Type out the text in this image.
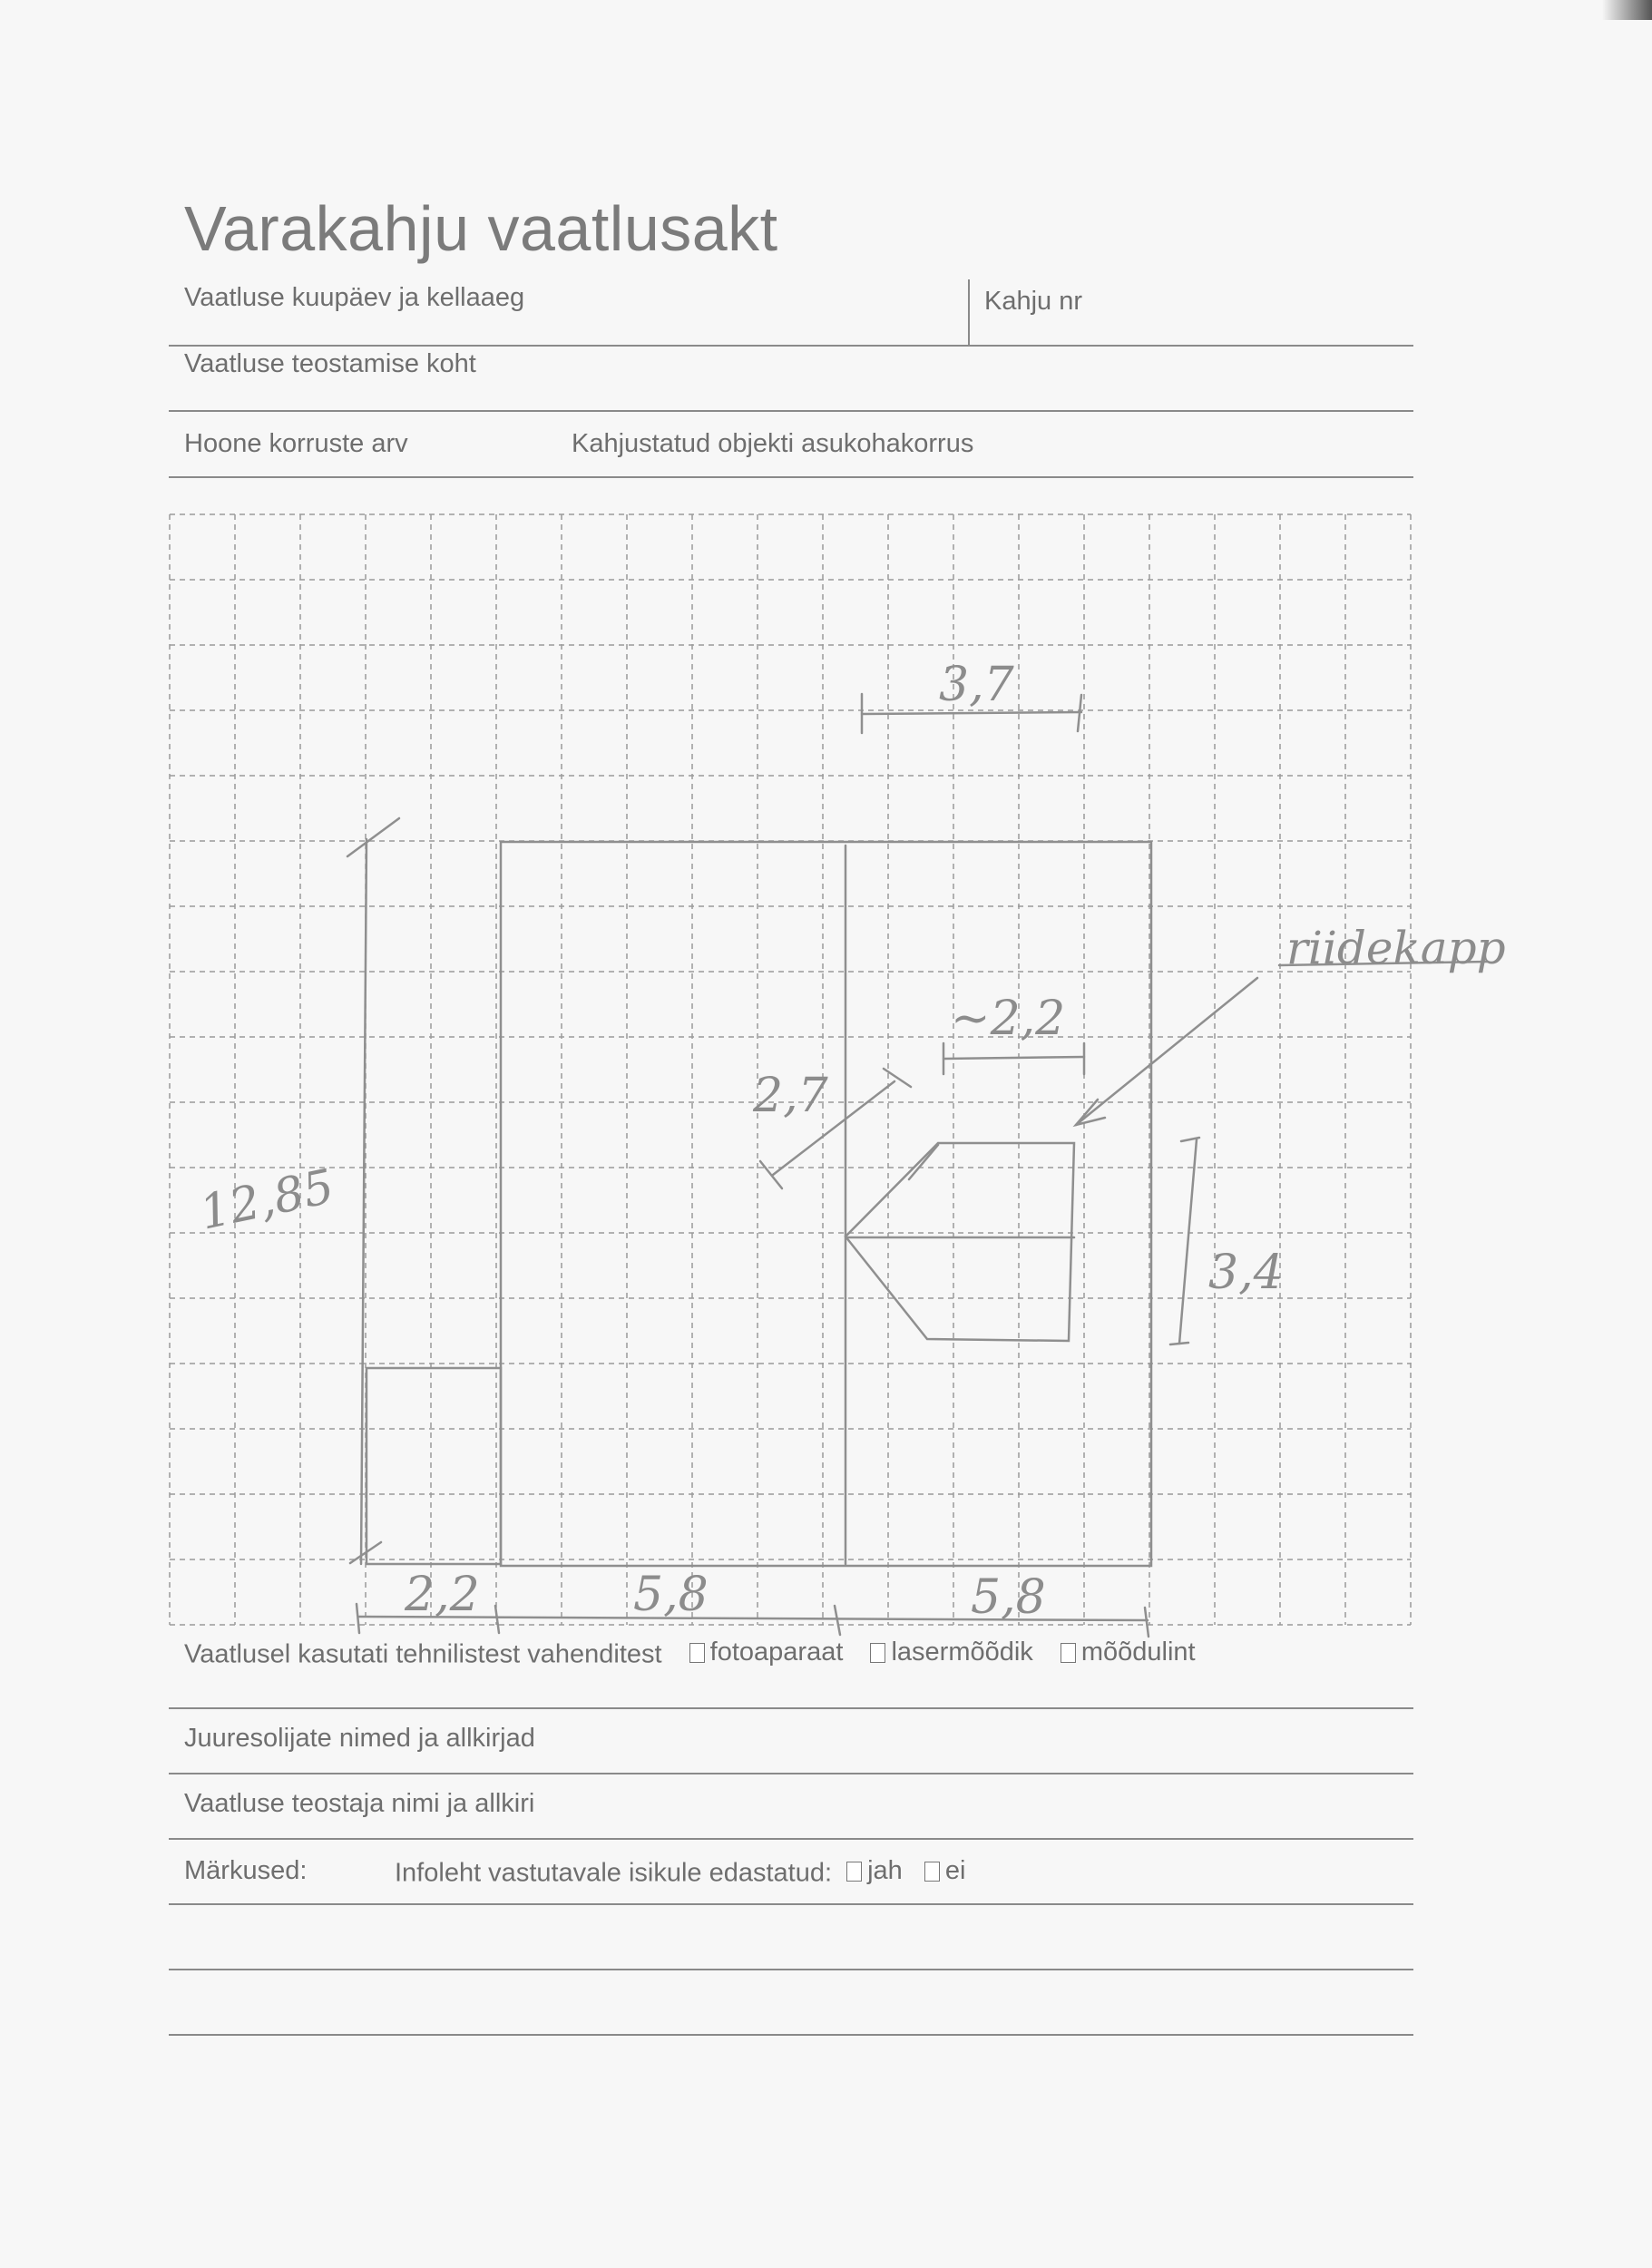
Varakahju vaatlusakt
Vaatluse kuupäev ja kellaaeg	Kahju nr
Vaatluse teostamise koht
Hoone korruste arv	Kahjustatud objekti asukohakorrus
3,7
12,85
~2,2
2,7
3,4
2,2	5,8	5,8
riidekapp
Vaatlusel kasutati tehnilistest vahenditest fotoaparaat
lasermõõdik
mõõdulint
Juuresolijate nimed ja allkirjad
Vaatluse teostaja nimi ja allkiri
Märkused:	Infoleht vastutavale isikule edastatud: jah
ei
